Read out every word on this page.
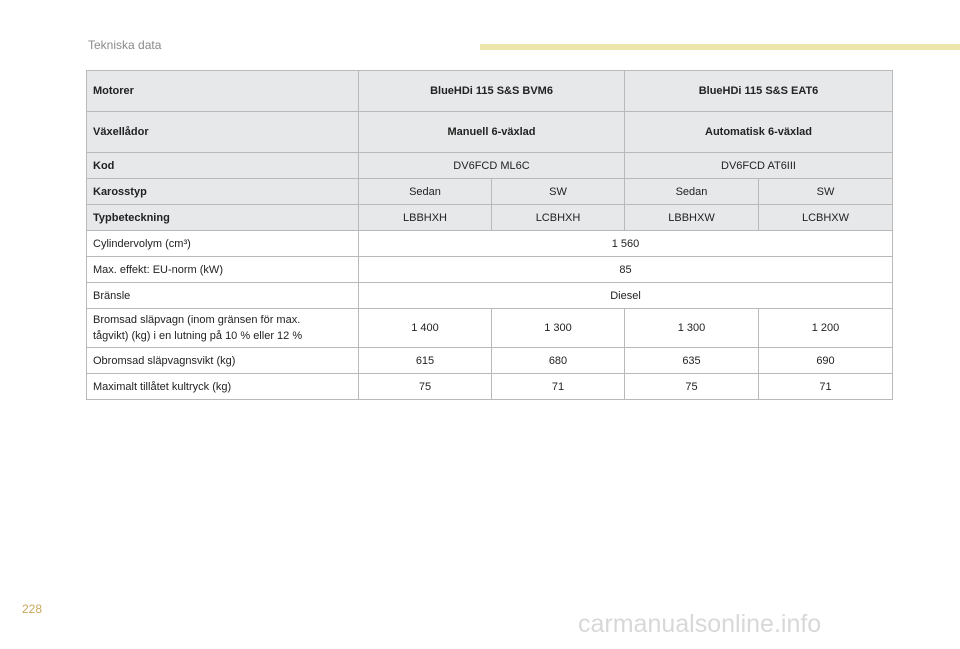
Tekniska data
Motorer	BlueHDi 115 S&S BVM6		BlueHDi 115 S&S EAT6	
Växellådor	Manuell 6-växlad		Automatisk 6-växlad	
Kod	DV6FCD ML6C		DV6FCD AT6III	
Karosstyp	Sedan	SW	Sedan	SW
Typbeteckning	LBBHXH	LCBHXH	LBBHXW	LCBHXW
Cylindervolym (cm³)	1 560			
Max. effekt: EU-norm (kW)	85			
Bränsle	Diesel			
Bromsad släpvagn (inom gränsen för max.
tågvikt) (kg) i en lutning på 10 % eller 12 %	1 400	1 300	1 300	1 200
Obromsad släpvagnsvikt (kg)	615	680	635	690
Maximalt tillåtet kultryck (kg)	75	71	75	71
228
carmanualsonline.info
